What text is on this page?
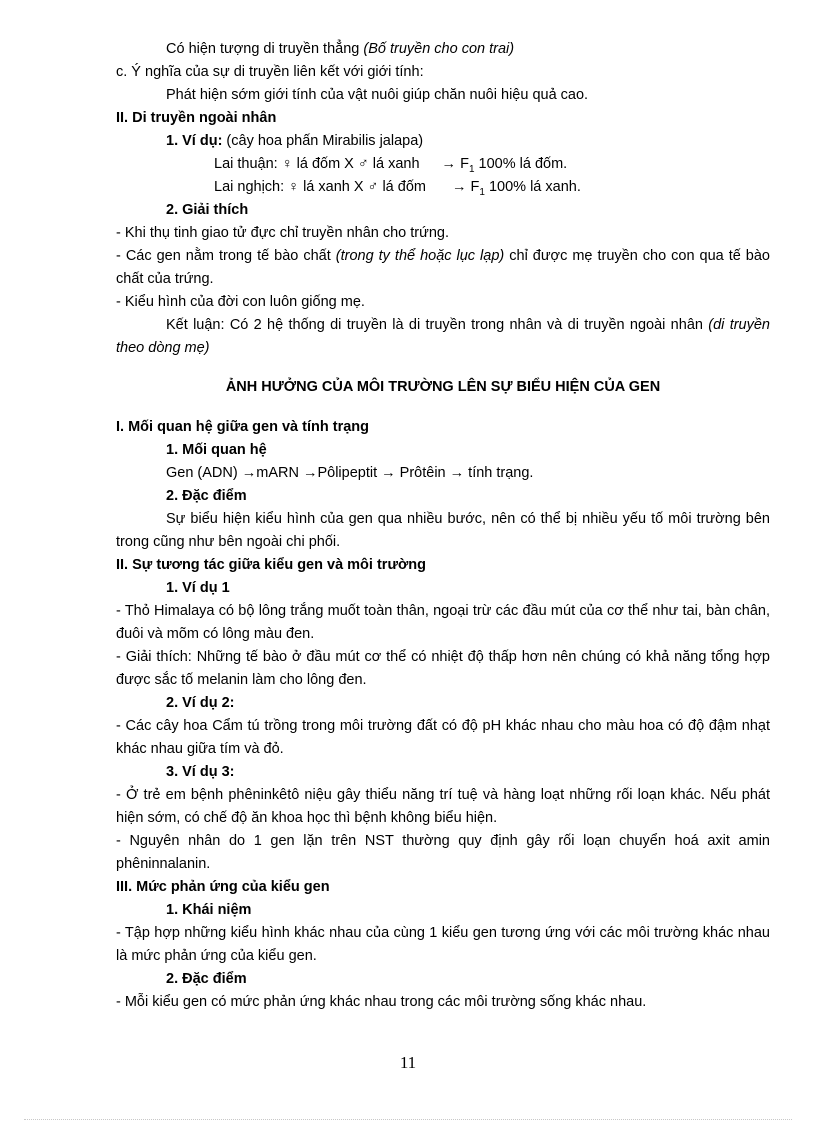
Có hiện tượng di truyền thẳng (Bố truyền cho con trai)

c. Ý nghĩa của sự di truyền liên kết với giới tính:

Phát hiện sớm giới tính của vật nuôi giúp chăn nuôi hiệu quả cao.

II. Di truyền ngoài nhân

1. Ví dụ: (cây hoa phấn Mirabilis jalapa)

Lai thuận: ♀ lá đốm X ♂ lá xanh → $F_1$ 100% lá đốm.

Lai nghịch: ♀ lá xanh X ♂ lá đốm → $F_1$ 100% lá xanh.

2. Giải thích

- Khi thụ tinh giao tử đực chỉ truyền nhân cho trứng.

- Các gen nằm trong tế bào chất (trong ty thể hoặc lục lạp) chỉ được mẹ truyền cho con qua tế bào chất của trứng.

- Kiểu hình của đời con luôn giống mẹ.

Kết luận: Có 2 hệ thống di truyền là di truyền trong nhân và di truyền ngoài nhân (di truyền theo dòng mẹ)

ẢNH HƯỞNG CỦA MÔI TRƯỜNG LÊN SỰ BIỂU HIỆN CỦA GEN

I. Mối quan hệ giữa gen và tính trạng

1. Mối quan hệ

Gen (ADN) →mARN →Pôlipeptit → Prôtêin → tính trạng.

2. Đặc điểm

Sự biểu hiện kiểu hình của gen qua nhiều bước, nên có thể bị nhiều yếu tố môi trường bên trong cũng như bên ngoài chi phối.

II. Sự tương tác giữa kiểu gen và môi trường

1. Ví dụ 1

- Thỏ Himalaya có bộ lông trắng muốt toàn thân, ngoại trừ các đầu mút của cơ thể như tai, bàn chân, đuôi và mõm có lông màu đen.

- Giải thích: Những tế bào ở đầu mút cơ thể có nhiệt độ thấp hơn nên chúng có khả năng tổng hợp được sắc tố melanin làm cho lông đen.

2. Ví dụ 2:

- Các cây hoa Cẩm tú trồng trong môi trường đất có độ pH khác nhau cho màu hoa có độ đậm nhạt khác nhau giữa tím và đỏ.

3. Ví dụ 3:

- Ở trẻ em bệnh phêninkêtô niệu gây thiểu năng trí tuệ và hàng loạt những rối loạn khác. Nếu phát hiện sớm, có chế độ ăn khoa học thì bệnh không biểu hiện.

- Nguyên nhân do 1 gen lặn trên NST thường quy định gây rối loạn chuyển hoá axit amin phêninnalanin.

III. Mức phản ứng của kiểu gen

1. Khái niệm

- Tập hợp những kiểu hình khác nhau của cùng 1 kiểu gen tương ứng với các môi trường khác nhau là mức phản ứng của kiểu gen.

2. Đặc điểm

- Mỗi kiểu gen có mức phản ứng khác nhau trong các môi trường sống khác nhau.

11
